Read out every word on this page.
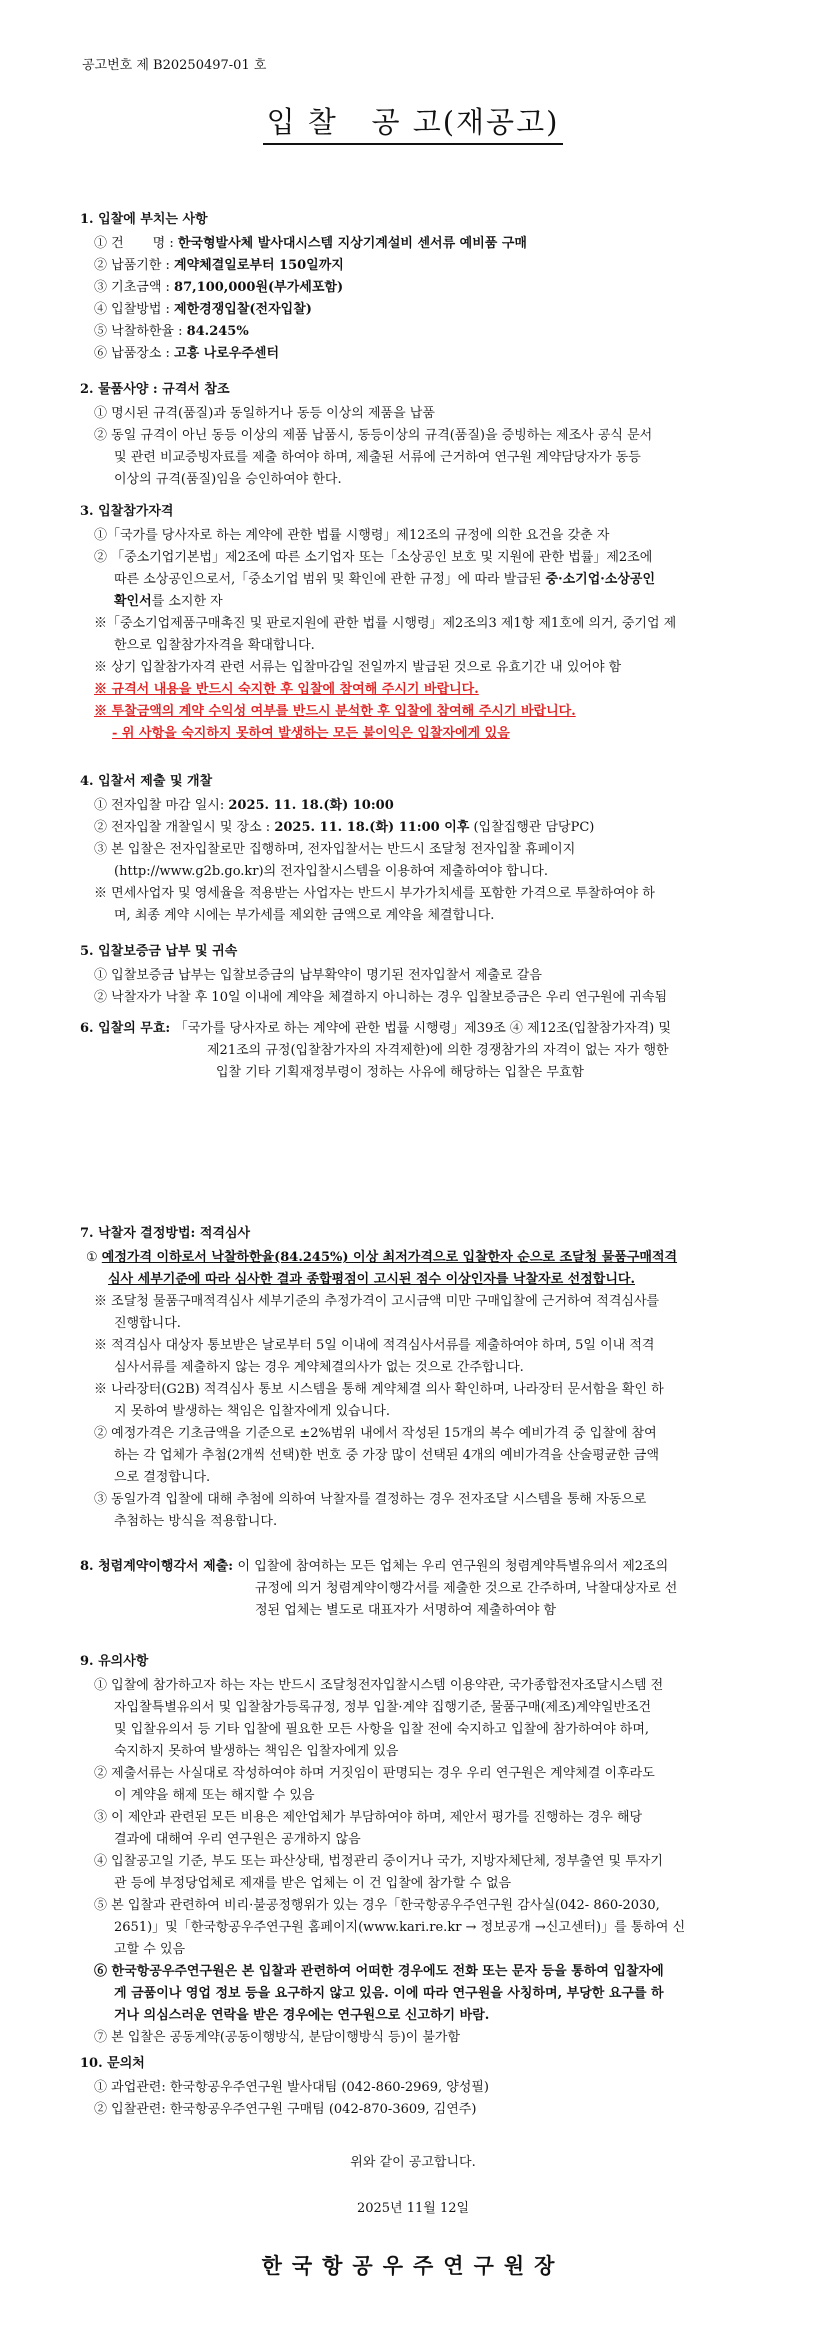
공고번호 제 B20250497-01 호
입 찰   공 고(재공고)
1. 입찰에 부치는 사항
① 건       명 : 한국형발사체 발사대시스템 지상기계설비 센서류 예비품 구매
② 납품기한 : 계약체결일로부터 150일까지
③ 기초금액 : 87,100,000원(부가세포함)
④ 입찰방법 : 제한경쟁입찰(전자입찰)
⑤ 낙찰하한율 : 84.245%
⑥ 납품장소 : 고흥 나로우주센터
2. 물품사양 : 규격서 참조
① 명시된 규격(품질)과 동일하거나 동등 이상의 제품을 납품
② 동일 규격이 아닌 동등 이상의 제품 납품시, 동등이상의 규격(품질)을 증빙하는 제조사 공식 문서
및 관련 비교증빙자료를 제출 하여야 하며, 제출된 서류에 근거하여 연구원 계약담당자가 동등
이상의 규격(품질)임을 승인하여야 한다.
3. 입찰참가자격
①「국가를 당사자로 하는 계약에 관한 법률 시행령」제12조의 규정에 의한 요건을 갖춘 자
② 「중소기업기본법」제2조에 따른 소기업자 또는「소상공인 보호 및 지원에 관한 법률」제2조에
따른 소상공인으로서,「중소기업 범위 및 확인에 관한 규정」에 따라 발급된 중·소기업·소상공인
확인서를 소지한 자
※「중소기업제품구매촉진 및 판로지원에 관한 법률 시행령」제2조의3 제1항 제1호에 의거, 중기업 제
한으로 입찰참가자격을 확대합니다.
※ 상기 입찰참가자격 관련 서류는 입찰마감일 전일까지 발급된 것으로 유효기간 내 있어야 함
※ 규격서 내용을 반드시 숙지한 후 입찰에 참여해 주시기 바랍니다.
※ 투찰금액의 계약 수익성 여부를 반드시 분석한 후 입찰에 참여해 주시기 바랍니다.
- 위 사항을 숙지하지 못하여 발생하는 모든 불이익은 입찰자에게 있음
4. 입찰서 제출 및 개찰
① 전자입찰 마감 일시: 2025. 11. 18.(화) 10:00
② 전자입찰 개찰일시 및 장소 : 2025. 11. 18.(화) 11:00 이후 (입찰집행관 담당PC)
③ 본 입찰은 전자입찰로만 집행하며, 전자입찰서는 반드시 조달청 전자입찰 휴페이지
(http://www.g2b.go.kr)의 전자입찰시스템을 이용하여 제출하여야 합니다.
※ 면세사업자 및 영세율을 적용받는 사업자는 반드시 부가가치세를 포함한 가격으로 투찰하여야 하
며, 최종 계약 시에는 부가세를 제외한 금액으로 계약을 체결합니다.
5. 입찰보증금 납부 및 귀속
① 입찰보증금 납부는 입찰보증금의 납부확약이 명기된 전자입찰서 제출로 갈음
② 낙찰자가 낙찰 후 10일 이내에 계약을 체결하지 아니하는 경우 입찰보증금은 우리 연구원에 귀속됨
6. 입찰의 무효: 「국가를 당사자로 하는 계약에 관한 법률 시행령」제39조 ④ 제12조(입찰참가자격) 및
제21조의 규정(입찰참가자의 자격제한)에 의한 경쟁참가의 자격이 없는 자가 행한
입찰 기타 기획재정부령이 정하는 사유에 해당하는 입찰은 무효함
7. 낙찰자 결정방법: 적격심사
① 예정가격 이하로서 낙찰하한율(84.245%) 이상 최저가격으로 입찰한자 순으로 조달청 물품구매적격
심사 세부기준에 따라 심사한 결과 종합평점이 고시된 점수 이상인자를 낙찰자로 선정합니다.
※ 조달청 물품구매적격심사 세부기준의 추정가격이 고시금액 미만 구매입찰에 근거하여 적격심사를
진행합니다.
※ 적격심사 대상자 통보받은 날로부터 5일 이내에 적격심사서류를 제출하여야 하며, 5일 이내 적격
심사서류를 제출하지 않는 경우 계약체결의사가 없는 것으로 간주합니다.
※ 나라장터(G2B) 적격심사 통보 시스템을 통해 계약체결 의사 확인하며, 나라장터 문서함을 확인 하
지 못하여 발생하는 책임은 입찰자에게 있습니다.
② 예정가격은 기초금액을 기준으로 ±2%범위 내에서 작성된 15개의 복수 예비가격 중 입찰에 참여
하는 각 업체가 추첨(2개씩 선택)한 번호 중 가장 많이 선택된 4개의 예비가격을 산술평균한 금액
으로 결정합니다.
③ 동일가격 입찰에 대해 추첨에 의하여 낙찰자를 결정하는 경우 전자조달 시스템을 통해 자동으로
추첨하는 방식을 적용합니다.
8. 청렴계약이행각서 제출: 이 입찰에 참여하는 모든 업체는 우리 연구원의 청렴계약특별유의서 제2조의
규정에 의거 청렴계약이행각서를 제출한 것으로 간주하며, 낙찰대상자로 선
정된 업체는 별도로 대표자가 서명하여 제출하여야 함
9. 유의사항
① 입찰에 참가하고자 하는 자는 반드시 조달청전자입찰시스템 이용약관, 국가종합전자조달시스템 전
자입찰특별유의서 및 입찰참가등록규정, 정부 입찰·계약 집행기준, 물품구매(제조)계약일반조건
및 입찰유의서 등 기타 입찰에 필요한 모든 사항을 입찰 전에 숙지하고 입찰에 참가하여야 하며,
숙지하지 못하여 발생하는 책임은 입찰자에게 있음
② 제출서류는 사실대로 작성하여야 하며 거짓임이 판명되는 경우 우리 연구원은 계약체결 이후라도
이 계약을 해제 또는 해지할 수 있음
③ 이 제안과 관련된 모든 비용은 제안업체가 부담하여야 하며, 제안서 평가를 진행하는 경우 해당
결과에 대해여 우리 연구원은 공개하지 않음
④ 입찰공고일 기준, 부도 또는 파산상태, 법정관리 중이거나 국가, 지방자체단체, 정부출연 및 투자기
관 등에 부정당업체로 제재를 받은 업체는 이 건 입찰에 참가할 수 없음
⑤ 본 입찰과 관련하여 비리·불공정행위가 있는 경우「한국항공우주연구원 감사실(042- 860-2030,
2651)」및「한국항공우주연구원 홈페이지(www.kari.re.kr → 정보공개 →신고센터)」를 통하여 신
고할 수 있음
⑥ 한국항공우주연구원은 본 입찰과 관련하여 어떠한 경우에도 전화 또는 문자 등을 통하여 입찰자에
게 금품이나 영업 정보 등을 요구하지 않고 있음. 이에 따라 연구원을 사칭하며, 부당한 요구를 하
거나 의심스러운 연락을 받은 경우에는 연구원으로 신고하기 바람.
⑦ 본 입찰은 공동계약(공동이행방식, 분담이행방식 등)이 불가함
10. 문의처
① 과업관련: 한국항공우주연구원 발사대팀 (042-860-2969, 양성필)
② 입찰관련: 한국항공우주연구원 구매팀 (042-870-3609, 김연주)
위와 같이 공고합니다.
2025년 11월 12일
한국항공우주연구원장
